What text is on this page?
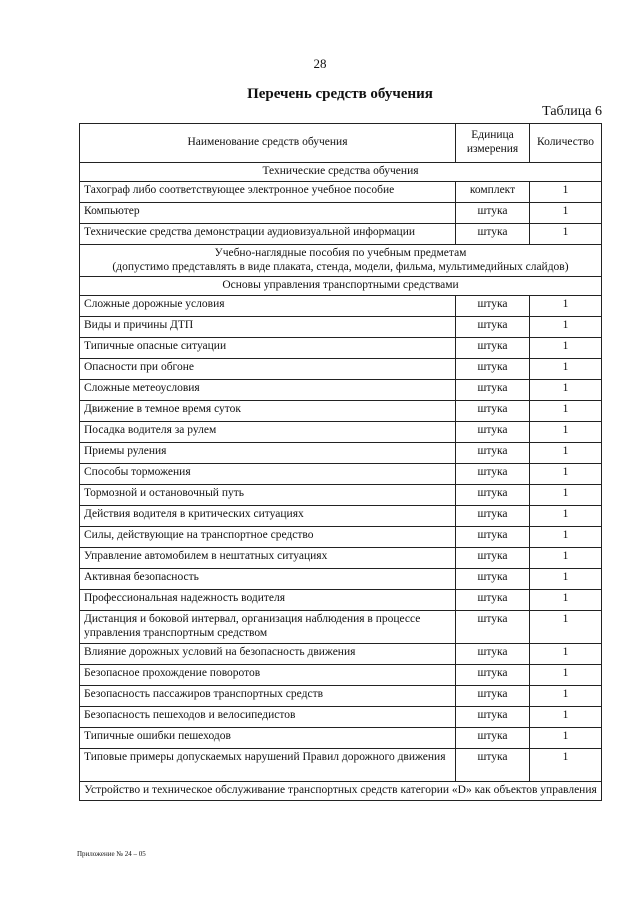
28
Перечень средств обучения
Таблица 6
Наименование средств обучения	Единица измерения	Количество
Технические средства обучения		
Тахограф либо соответствующее электронное учебное пособие	комплект	1
Компьютер	штука	1
Технические средства демонстрации аудиовизуальной информации	штука	1

Учебно-наглядные пособия по учебным предметам
(допустимо представлять в виде плаката, стенда, модели, фильма, мультимедийных слайдов)		

Основы управления транспортными средствами		
Сложные дорожные условия	штука	1
Виды и причины ДТП	штука	1
Типичные опасные ситуации	штука	1
Опасности при обгоне	штука	1
Сложные метеоусловия	штука	1
Движение в темное время суток	штука	1
Посадка водителя за рулем	штука	1
Приемы руления	штука	1
Способы торможения	штука	1
Тормозной и остановочный путь	штука	1
Действия водителя в критических ситуациях	штука	1
Силы, действующие на транспортное средство	штука	1
Управление автомобилем в нештатных ситуациях	штука	1
Активная безопасность	штука	1
Профессиональная надежность водителя	штука	1
Дистанция и боковой интервал, организация наблюдения в процессе управления транспортным средством	штука	1
Влияние дорожных условий на безопасность движения	штука	1
Безопасное прохождение поворотов	штука	1
Безопасность пассажиров транспортных средств	штука	1
Безопасность пешеходов и велосипедистов	штука	1
Типичные ошибки пешеходов	штука	1
Типовые примеры допускаемых нарушений Правил дорожного движения	штука	1
Устройство и техническое обслуживание транспортных средств категории «D» как объектов управления		
Приложение № 24 – 05
